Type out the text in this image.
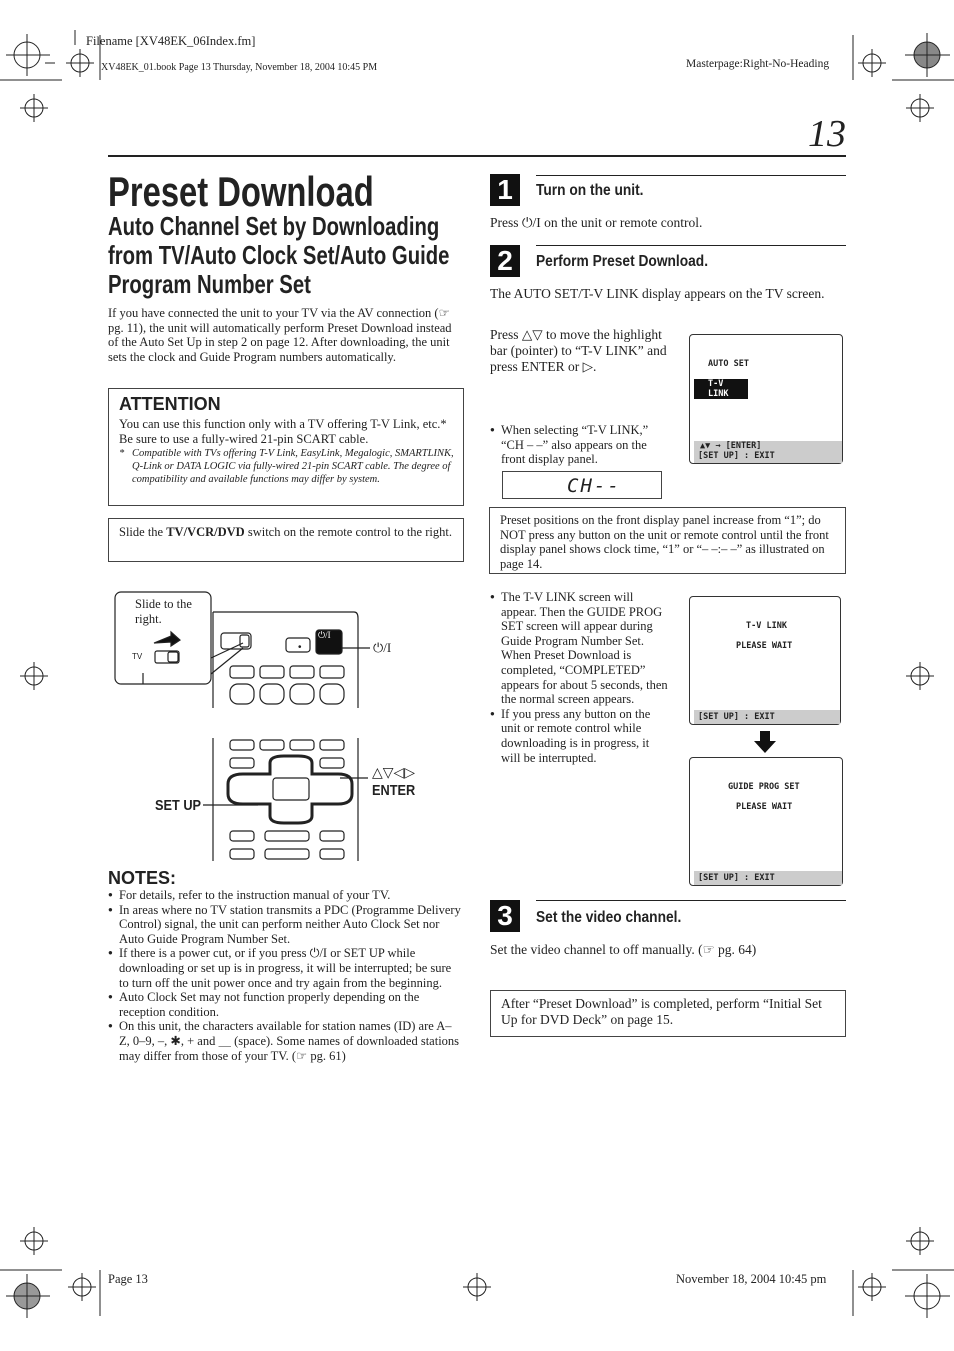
Filename [XV48EK_06Index.fm]
XV48EK_01.book Page 13 Thursday, November 18, 2004 10:45 PM	Masterpage:Right-No-Heading
13
Preset Download
Auto Channel Set by Downloading
from TV/Auto Clock Set/Auto Guide
Program Number Set
If you have connected the unit to your TV via the AV connection (☞ pg. 11), the unit will automatically perform Preset Download instead of the Auto Set Up in step 2 on page 12. After downloading, the unit sets the clock and Guide Program numbers automatically.
ATTENTION
You can use this function only with a TV offering T-V Link, etc.* Be sure to use a fully-wired 21-pin SCART cable.
* Compatible with TVs offering T-V Link, EasyLink, Megalogic, SMARTLINK, Q-Link or DATA LOGIC via fully-wired 21-pin SCART cable. The degree of compatibility and available functions may differ by system.
Slide the TV/VCR/DVD switch on the remote control to the right.
•
Slide to the right.
TV
⏻/I
⏻/I
△▽◁▷
ENTER
SET UP
NOTES:
● For details, refer to the instruction manual of your TV.
● In areas where no TV station transmits a PDC (Programme Delivery Control) signal, the unit can perform neither Auto Clock Set nor Auto Guide Program Number Set.
● If there is a power cut, or if you press ⏻/I or SET UP while downloading or set up is in progress, it will be interrupted; be sure to turn off the unit power once and try again from the beginning.
● Auto Clock Set may not function properly depending on the reception condition.
● On this unit, the characters available for station names (ID) are A–Z, 0–9, –, ✱, + and ＿ (space). Some names of downloaded stations may differ from those of your TV. (☞ pg. 61)
1	Turn on the unit.
Press ⏻/I on the unit or remote control.
2	Perform Preset Download.
The AUTO SET/T-V LINK display appears on the TV screen.
Press △▽ to move the highlight bar (pointer) to “T-V LINK” and press ENTER or ▷.	AUTO SET
T-V LINK
▲▼ → [ENTER]
[SET UP] : EXIT
● When selecting “T-V LINK,” “CH – –” also appears on the front display panel.
CH--
Preset positions on the front display panel increase from “1”; do NOT press any button on the unit or remote control until the front display panel shows clock time, “1” or “– –:– –” as illustrated on page 14.
● The T-V LINK screen will appear. Then the GUIDE PROG SET screen will appear during Guide Program Number Set. When Preset Download is completed, “COMPLETED” appears for about 5 seconds, then the normal screen appears.
● If you press any button on the unit or remote control while downloading is in progress, it will be interrupted.
T-V LINK
PLEASE WAIT
[SET UP] : EXIT
GUIDE PROG SET
PLEASE WAIT
[SET UP] : EXIT
3	Set the video channel.
Set the video channel to off manually. (☞ pg. 64)
After “Preset Download” is completed, perform “Initial Set Up for DVD Deck” on page 15.
Page 13	November 18, 2004 10:45 pm
